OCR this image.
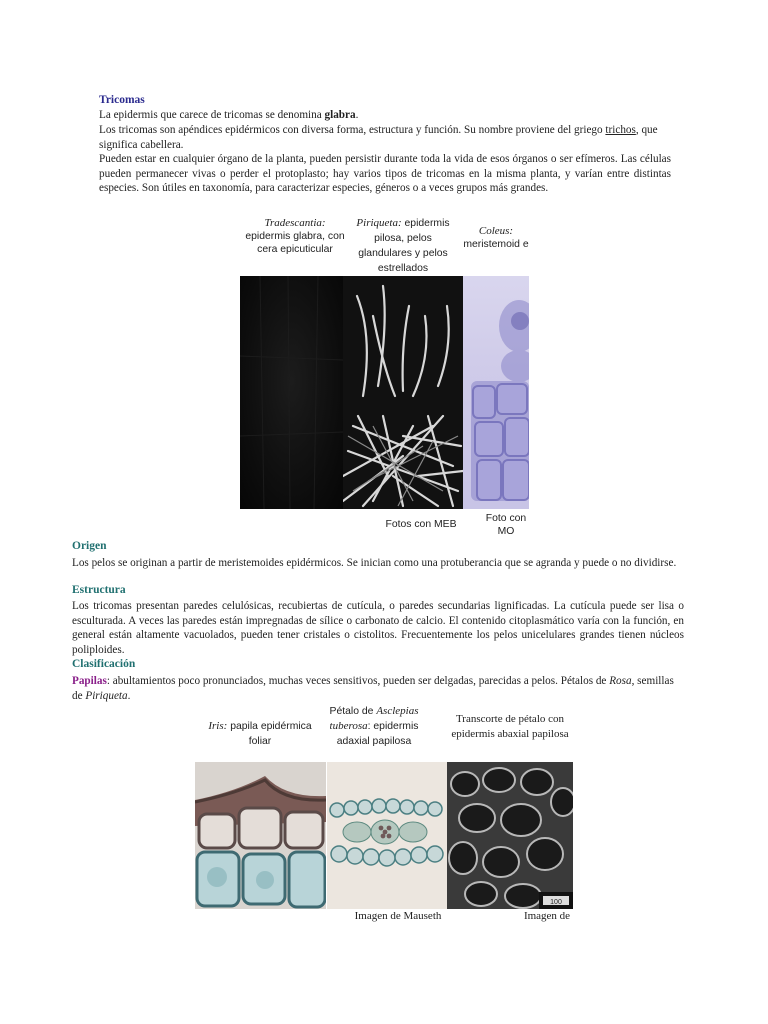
Tricomas
La epidermis que carece de tricomas se denomina glabra.
Los tricomas son apéndices epidérmicos con diversa forma, estructura y función. Su nombre proviene del griego trichos, que significa cabellera.
Pueden estar en cualquier órgano de la planta, pueden persistir durante toda la vida de esos órganos o ser efímeros. Las células pueden permanecer vivas o perder el protoplasto; hay varios tipos de tricomas en la misma planta, y varían entre distintas especies. Son útiles en taxonomía, para caracterizar especies, géneros o a veces grupos más grandes.
Tradescantia:
epidermis glabra, con cera epicuticular
Piriqueta: epidermis pilosa, pelos glandulares y pelos estrellados
Coleus:
meristemoid e
Fotos con MEB
Foto con MO
Origen
Los pelos se originan a partir de meristemoides epidérmicos. Se inician como una protuberancia que se agranda y puede o no dividirse.
Estructura
Los tricomas presentan paredes celulósicas, recubiertas de cutícula, o paredes secundarias lignificadas. La cutícula puede ser lisa o esculturada. A veces las paredes están impregnadas de sílice o carbonato de calcio. El contenido citoplasmático varía con la función, en general están altamente vacuolados, pueden tener cristales o cistolitos. Frecuentemente los pelos unicelulares grandes tienen núcleos poliploides.
Clasificación
Papilas: abultamientos poco pronunciados, muchas veces sensitivos, pueden ser delgadas, parecidas a pelos. Pétalos de Rosa, semillas de Piriqueta.
Iris: papila epidérmica foliar
Pétalo de Asclepias tuberosa: epidermis adaxial papilosa
Transcorte de pétalo con epidermis abaxial papilosa
100
Imagen de Mauseth	Imagen de
